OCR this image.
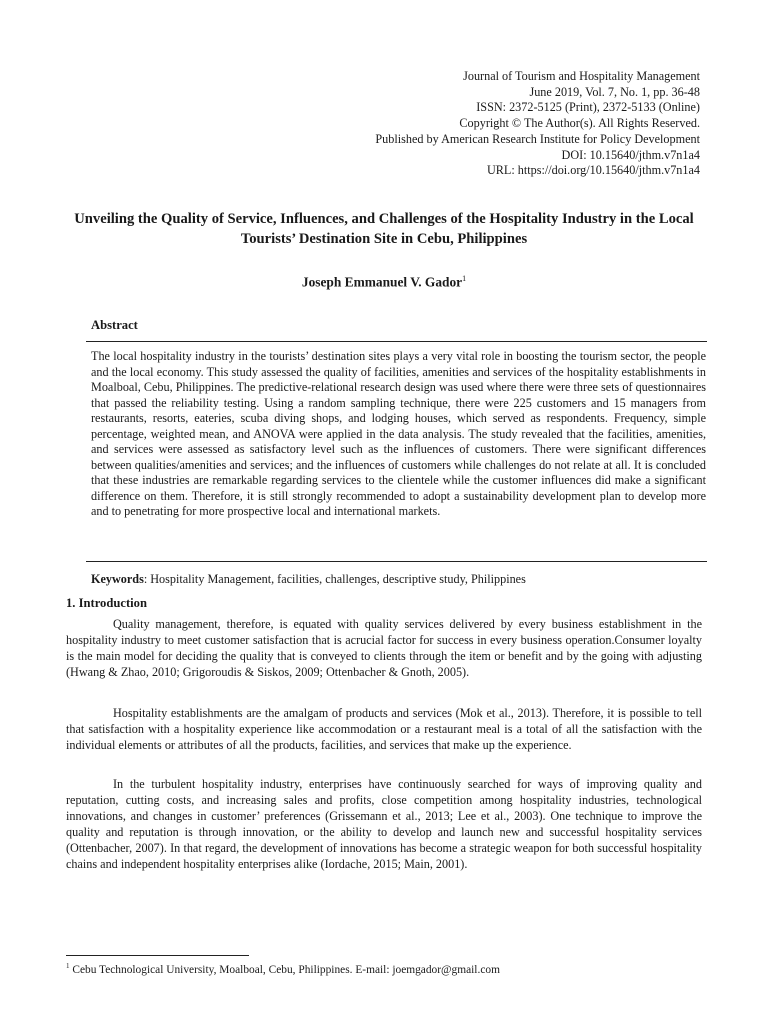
Journal of Tourism and Hospitality Management
June 2019, Vol. 7, No. 1, pp. 36-48
ISSN: 2372-5125 (Print), 2372-5133 (Online)
Copyright © The Author(s). All Rights Reserved.
Published by American Research Institute for Policy Development
DOI: 10.15640/jthm.v7n1a4
URL: https://doi.org/10.15640/jthm.v7n1a4
Unveiling the Quality of Service, Influences, and Challenges of the Hospitality Industry in the Local Tourists’ Destination Site in Cebu, Philippines
Joseph Emmanuel V. Gador$^1$
Abstract
The local hospitality industry in the tourists’ destination sites plays a very vital role in boosting the tourism sector, the people and the local economy. This study assessed the quality of facilities, amenities and services of the hospitality establishments in Moalboal, Cebu, Philippines. The predictive-relational research design was used where there were three sets of questionnaires that passed the reliability testing. Using a random sampling technique, there were 225 customers and 15 managers from restaurants, resorts, eateries, scuba diving shops, and lodging houses, which served as respondents. Frequency, simple percentage, weighted mean, and ANOVA were applied in the data analysis. The study revealed that the facilities, amenities, and services were assessed as satisfactory level such as the influences of customers. There were significant differences between qualities/amenities and services; and the influences of customers while challenges do not relate at all. It is concluded that these industries are remarkable regarding services to the clientele while the customer influences did make a significant difference on them. Therefore, it is still strongly recommended to adopt a sustainability development plan to develop more and to penetrating for more prospective local and international markets.
Keywords: Hospitality Management, facilities, challenges, descriptive study, Philippines
1. Introduction
Quality management, therefore, is equated with quality services delivered by every business establishment in the hospitality industry to meet customer satisfaction that is acrucial factor for success in every business operation.Consumer loyalty is the main model for deciding the quality that is conveyed to clients through the item or benefit and by the going with adjusting (Hwang & Zhao, 2010; Grigoroudis & Siskos, 2009; Ottenbacher & Gnoth, 2005).
Hospitality establishments are the amalgam of products and services (Mok et al., 2013). Therefore, it is possible to tell that satisfaction with a hospitality experience like accommodation or a restaurant meal is a total of all the satisfaction with the individual elements or attributes of all the products, facilities, and services that make up the experience.
In the turbulent hospitality industry, enterprises have continuously searched for ways of improving quality and reputation, cutting costs, and increasing sales and profits, close competition among hospitality industries, technological innovations, and changes in customer’ preferences (Grissemann et al., 2013; Lee et al., 2003). One technique to improve the quality and reputation is through innovation, or the ability to develop and launch new and successful hospitality services (Ottenbacher, 2007). In that regard, the development of innovations has become a strategic weapon for both successful hospitality chains and independent hospitality enterprises alike (Iordache, 2015; Main, 2001).
$^1$ Cebu Technological University, Moalboal, Cebu, Philippines. E-mail: joemgador@gmail.com
